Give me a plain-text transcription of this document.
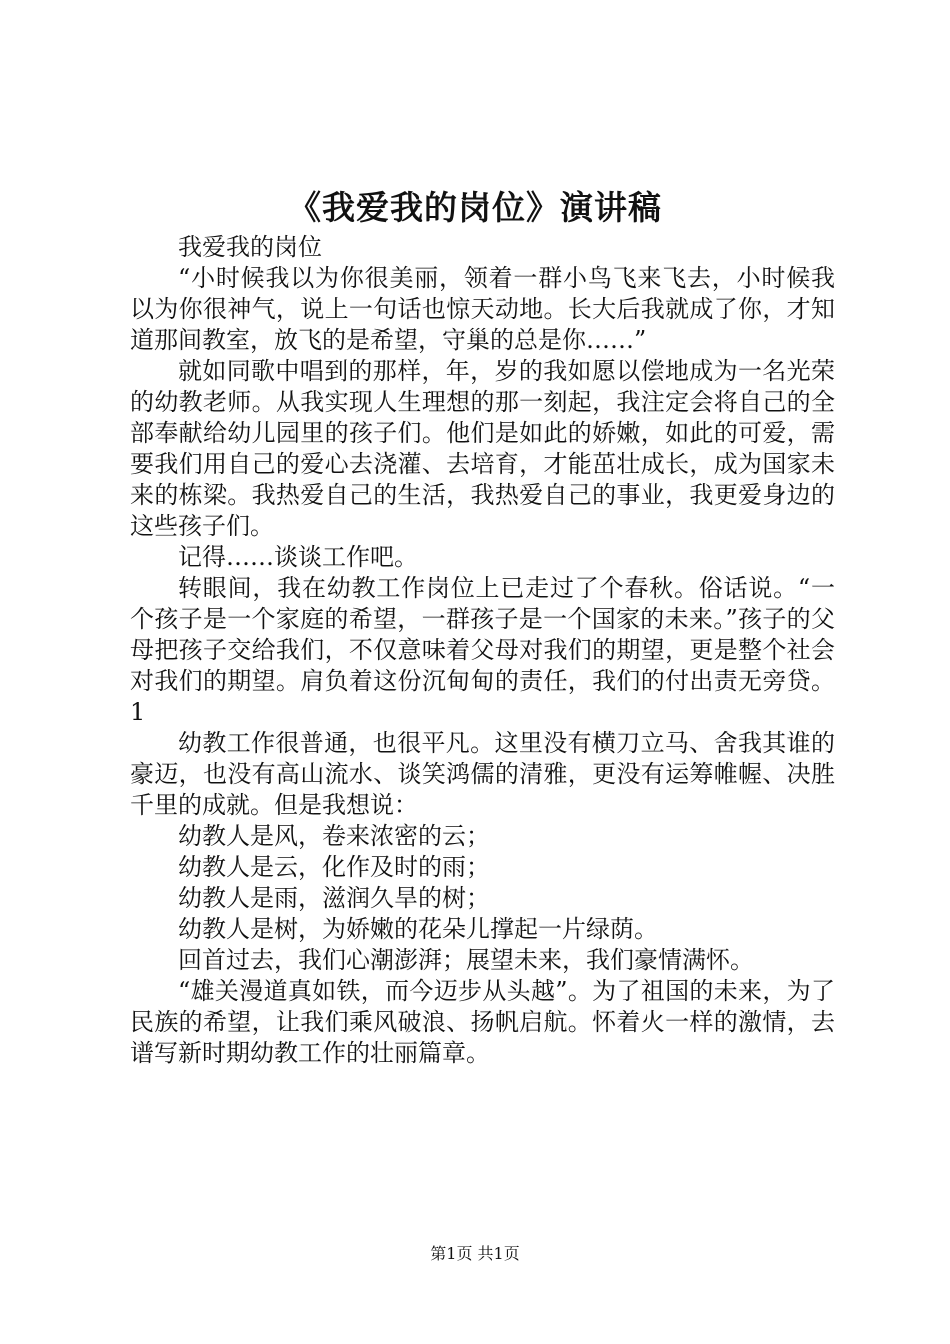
《我爱我的岗位》演讲稿

我爱我的岗位

“小时候我以为你很美丽，领着一群小鸟飞来飞去，小时候我以为你很神气，说上一句话也惊天动地。长大后我就成了你，才知道那间教室，放飞的是希望，守巢的总是你……”

就如同歌中唱到的那样，年，岁的我如愿以偿地成为一名光荣的幼教老师。从我实现人生理想的那一刻起，我注定会将自己的全部奉献给幼儿园里的孩子们。他们是如此的娇嫩，如此的可爱，需要我们用自己的爱心去浇灌、去培育，才能茁壮成长，成为国家未来的栋梁。我热爱自己的生活，我热爱自己的事业，我更爱身边的这些孩子们。

记得……谈谈工作吧。

转眼间，我在幼教工作岗位上已走过了个春秋。俗话说。“一个孩子是一个家庭的希望，一群孩子是一个国家的未来。”孩子的父母把孩子交给我们，不仅意味着父母对我们的期望，更是整个社会对我们的期望。肩负着这份沉甸甸的责任，我们的付出责无旁贷。1

幼教工作很普通，也很平凡。这里没有横刀立马、舍我其谁的豪迈，也没有高山流水、谈笑鸿儒的清雅，更没有运筹帷幄、决胜千里的成就。但是我想说：

幼教人是风，卷来浓密的云；

幼教人是云，化作及时的雨；

幼教人是雨，滋润久旱的树；

幼教人是树，为娇嫩的花朵儿撑起一片绿荫。

回首过去，我们心潮澎湃；展望未来，我们豪情满怀。

“雄关漫道真如铁，而今迈步从头越”。为了祖国的未来，为了民族的希望，让我们乘风破浪、扬帆启航。怀着火一样的激情，去谱写新时期幼教工作的壮丽篇章。

第1页 共1页
